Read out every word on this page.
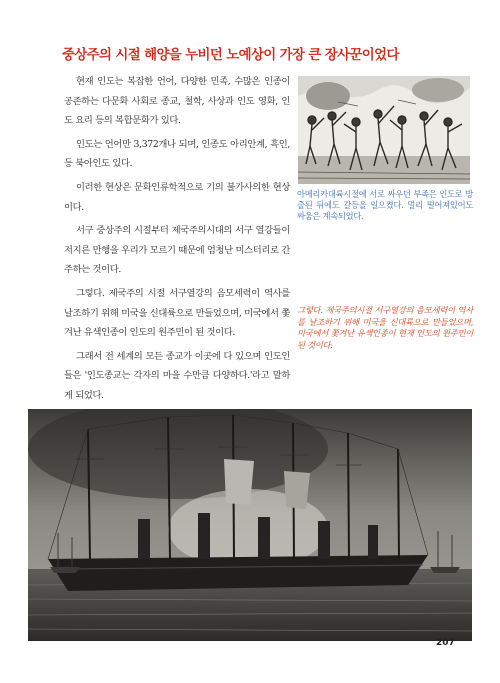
중상주의 시절 해양을 누비던 노예상이 가장 큰 장사꾼이었다

현재 인도는 복잡한 언어, 다양한 민족, 수많은 인종이 공존하는 다문화 사회로 종교, 철학, 사상과 인도 영화, 인도 요리 등의 복합문화가 있다.

인도는 언어만 3,372개나 되며, 인종도 아리안계, 흑인, 등 북아인도 있다.

이러한 현상은 문화인류학적으로 기의 불가사의한 현상이다.

서구 중상주의 시절부터 제국주의시대의 서구 열강들이 저지른 만행을 우리가 모르기 때문에 엄청난 미스터리로 간주하는 것이다.

그렇다. 제국주의 시절 서구열강의 음모세력이 역사를 날조하기 위해 미국을 신대륙으로 만들었으며, 미국에서 쫓겨난 유색인종이 인도의 원주민이 된 것이다.

그래서 전 세계의 모든 종교가 이곳에 다 있으며 인도인들은 '인도종교는 각자의 마을 수만큼 다양하다.'라고 말하게 되었다.

아메리카대륙시절에 서로 싸우던 부족은 인도로 방출된 뒤에도 갈등을 일으켰다. 멀리 떨어져있어도 싸움은 계속되었다.
그렇다. 제국주의시절 서구열강의 음모세력이 역사를 날조하기 위해 미국을 신대륙으로 만들었으며, 미국에서 쫓겨난 유색인종이 현재 인도의 원주민이 된 것이다.
207
